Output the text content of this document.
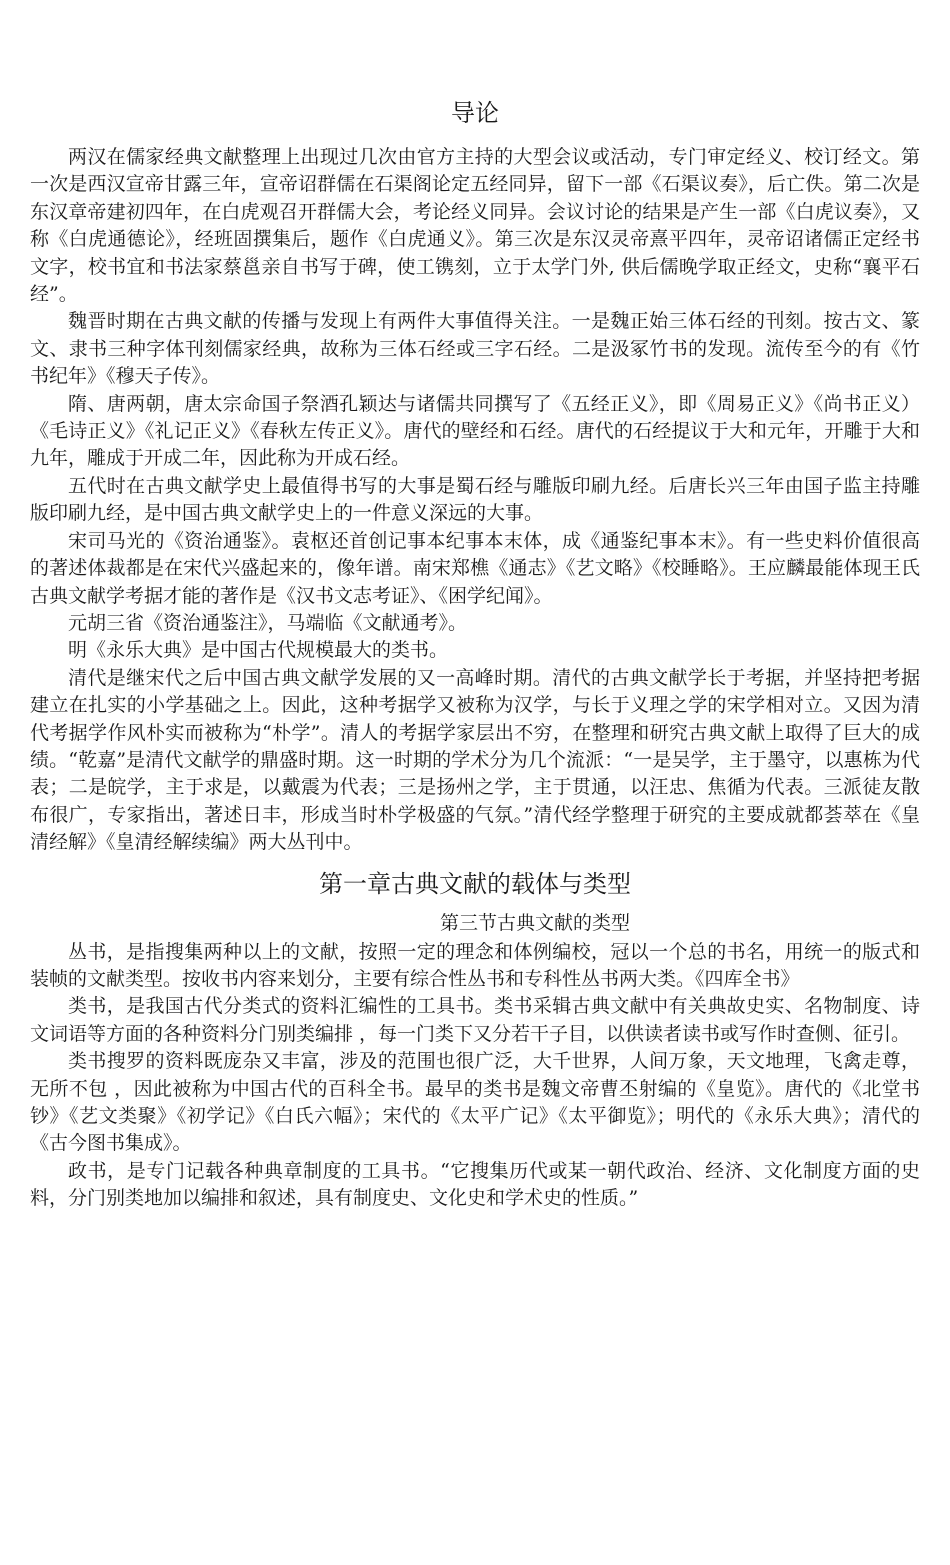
导论

两汉在儒家经典文献整理上出现过几次由官方主持的大型会议或活动，专门审定经义、校订经文。第一次是西汉宣帝甘露三年，宣帝诏群儒在石渠阁论定五经同异，留下一部《石渠议奏》，后亡佚。第二次是东汉章帝建初四年，在白虎观召开群儒大会，考论经义同异。会议讨论的结果是产生一部《白虎议奏》，又称《白虎通德论》，经班固撰集后，题作《白虎通义》。第三次是东汉灵帝熹平四年，灵帝诏诸儒正定经书文字，校书宜和书法家蔡邕亲自书写于碑，使工镌刻，立于太学门外, 供后儒晚学取正经文，史称“襄平石经”。

魏晋时期在古典文献的传播与发现上有两件大事值得关注。一是魏正始三体石经的刊刻。按古文、篆文、隶书三种字体刊刻儒家经典，故称为三体石经或三字石经。二是汲冢竹书的发现。流传至今的有《竹书纪年》《穆天子传》。

隋、唐两朝，唐太宗命国子祭酒孔颖达与诸儒共同撰写了《五经正义》，即《周易正义》《尚书正义）《毛诗正义》《礼记正义》《春秋左传正义》。唐代的壁经和石经。唐代的石经提议于大和元年，开雕于大和九年，雕成于开成二年，因此称为开成石经。

五代时在古典文献学史上最值得书写的大事是蜀石经与雕版印刷九经。后唐长兴三年由国子监主持雕版印刷九经，是中国古典文献学史上的一件意义深远的大事。

宋司马光的《资治通鉴》。袁枢还首创记事本纪事本末体，成《通鉴纪事本末》。有一些史料价值很高的著述体裁都是在宋代兴盛起来的，像年谱。南宋郑樵《通志》《艺文略》《校睡略》。王应麟最能体现王氏古典文献学考据才能的著作是《汉书文志考证》、《困学纪闻》。

元胡三省《资治通鉴注》，马端临《文献通考》。

明《永乐大典》是中国古代规模最大的类书。

清代是继宋代之后中国古典文献学发展的又一高峰时期。清代的古典文献学长于考据，并坚持把考据建立在扎实的小学基础之上。因此，这种考据学又被称为汉学，与长于义理之学的宋学相对立。又因为清代考据学作风朴实而被称为“朴学”。清人的考据学家层出不穷，在整理和研究古典文献上取得了巨大的成绩。“乾嘉”是清代文献学的鼎盛时期。这一时期的学术分为几个流派：“一是吴学，主于墨守，以惠栋为代表；二是皖学，主于求是，以戴震为代表；三是扬州之学，主于贯通，以汪忠、焦循为代表。三派徒友散布很广，专家指出，著述日丰，形成当时朴学极盛的气氛。”清代经学整理于研究的主要成就都荟萃在《皇清经解》《皇清经解续编》两大丛刊中。

第一章古典文献的载体与类型
第三节古典文献的类型

丛书，是指搜集两种以上的文献，按照一定的理念和体例编校，冠以一个总的书名，用统一的版式和装帧的文献类型。按收书内容来划分，主要有综合性丛书和专科性丛书两大类。《四库全书》

类书，是我国古代分类式的资料汇编性的工具书。类书采辑古典文献中有关典故史实、名物制度、诗文词语等方面的各种资料分门别类编排 ，每一门类下又分若干子目，以供读者读书或写作时查侧、征引。

类书搜罗的资料既庞杂又丰富，涉及的范围也很广泛，大千世界，人间万象，天文地理，飞禽走尊，无所不包 ，因此被称为中国古代的百科全书。最早的类书是魏文帝曹丕射编的《皇览》。唐代的《北堂书钞》《艺文类聚》《初学记》《白氏六幅》；宋代的《太平广记》《太平御览》；明代的《永乐大典》；清代的《古今图书集成》。

政书，是专门记载各种典章制度的工具书。“它搜集历代或某一朝代政治、经济、文化制度方面的史料，分门别类地加以编排和叙述，具有制度史、文化史和学术史的性质。”
